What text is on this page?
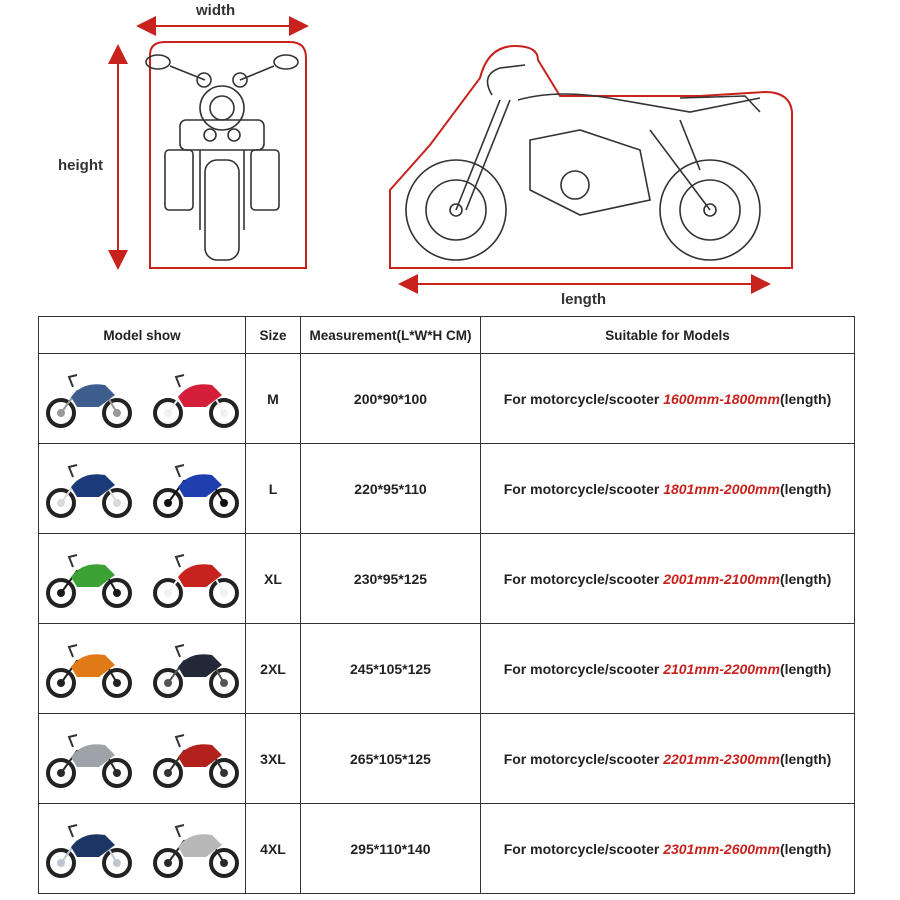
width
height
length
Model show	Size	Measurement(L*W*H CM)	Suitable for Models

	M	200*90*100	For motorcycle/scooter 1600mm-1800mm(length)

	L	220*95*110	For motorcycle/scooter 1801mm-2000mm(length)

	XL	230*95*125	For motorcycle/scooter 2001mm-2100mm(length)

	2XL	245*105*125	For motorcycle/scooter 2101mm-2200mm(length)

	3XL	265*105*125	For motorcycle/scooter 2201mm-2300mm(length)

	4XL	295*110*140	For motorcycle/scooter 2301mm-2600mm(length)
